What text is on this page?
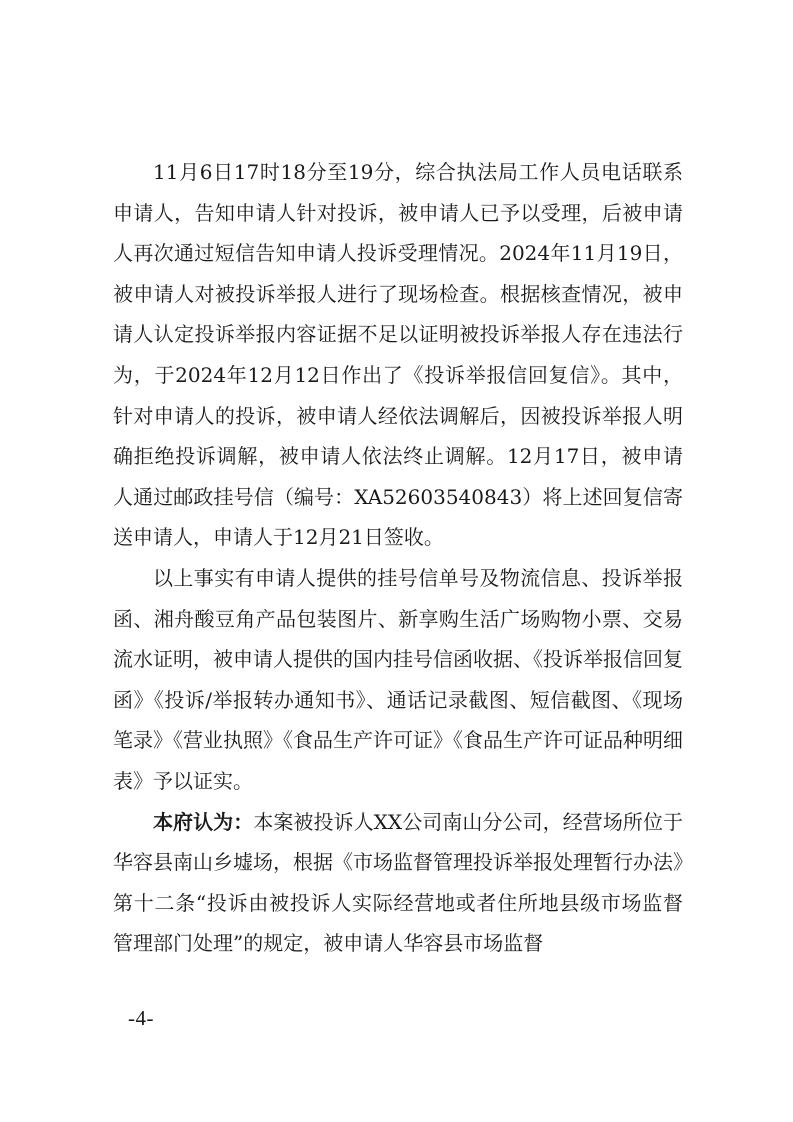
11月6日17时18分至19分，综合执法局工作人员电话联系申请人，告知申请人针对投诉，被申请人已予以受理，后被申请人再次通过短信告知申请人投诉受理情况。2024年11月19日，被申请人对被投诉举报人进行了现场检查。根据核查情况，被申请人认定投诉举报内容证据不足以证明被投诉举报人存在违法行为，于2024年12月12日作出了《投诉举报信回复信》。其中，针对申请人的投诉，被申请人经依法调解后，因被投诉举报人明确拒绝投诉调解，被申请人依法终止调解。12月17日，被申请人通过邮政挂号信（编号：XA52603540843）将上述回复信寄送申请人，申请人于12月21日签收。

以上事实有申请人提供的挂号信单号及物流信息、投诉举报函、湘舟酸豆角产品包装图片、新享购生活广场购物小票、交易流水证明，被申请人提供的国内挂号信函收据、《投诉举报信回复函》《投诉/举报转办通知书》、通话记录截图、短信截图、《现场笔录》《营业执照》《食品生产许可证》《食品生产许可证品种明细表》予以证实。

本府认为：本案被投诉人XX公司南山分公司，经营场所位于华容县南山乡墟场，根据《市场监督管理投诉举报处理暂行办法》第十二条“投诉由被投诉人实际经营地或者住所地县级市场监督管理部门处理”的规定，被申请人华容县市场监督

-4-
